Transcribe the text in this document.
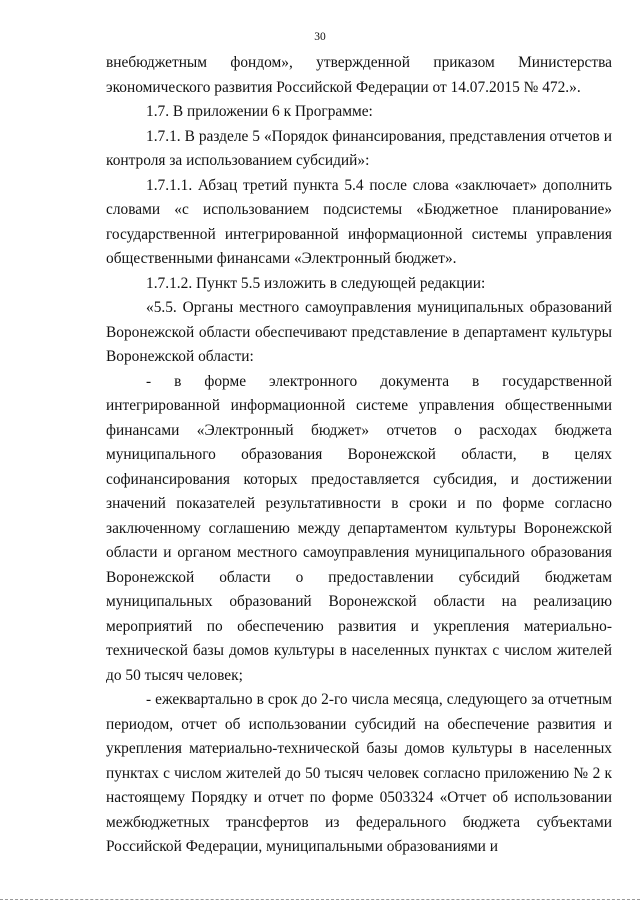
30

внебюджетным фондом», утвержденной приказом Министерства экономического развития Российской Федерации от 14.07.2015 № 472.».

1.7. В приложении 6 к Программе:

1.7.1. В разделе 5 «Порядок финансирования, представления отчетов и контроля за использованием субсидий»:

1.7.1.1. Абзац третий пункта 5.4 после слова «заключает» дополнить словами «с использованием подсистемы «Бюджетное планирование» государственной интегрированной информационной системы управления общественными финансами «Электронный бюджет».

1.7.1.2. Пункт 5.5 изложить в следующей редакции:

«5.5. Органы местного самоуправления муниципальных образований Воронежской области обеспечивают представление в департамент культуры Воронежской области:

- в форме электронного документа в государственной интегрированной информационной системе управления общественными финансами «Электронный бюджет» отчетов о расходах бюджета муниципального образования Воронежской области, в целях софинансирования которых предоставляется субсидия, и достижении значений показателей результативности в сроки и по форме согласно заключенному соглашению между департаментом культуры Воронежской области и органом местного самоуправления муниципального образования Воронежской области о предоставлении субсидий бюджетам муниципальных образований Воронежской области на реализацию мероприятий по обеспечению развития и укрепления материально-технической базы домов культуры в населенных пунктах с числом жителей до 50 тысяч человек;

- ежеквартально в срок до 2-го числа месяца, следующего за отчетным периодом, отчет об использовании субсидий на обеспечение развития и укрепления материально-технической базы домов культуры в населенных пунктах с числом жителей до 50 тысяч человек согласно приложению № 2 к настоящему Порядку и отчет по форме 0503324 «Отчет об использовании межбюджетных трансфертов из федерального бюджета субъектами Российской Федерации, муниципальными образованиями и
